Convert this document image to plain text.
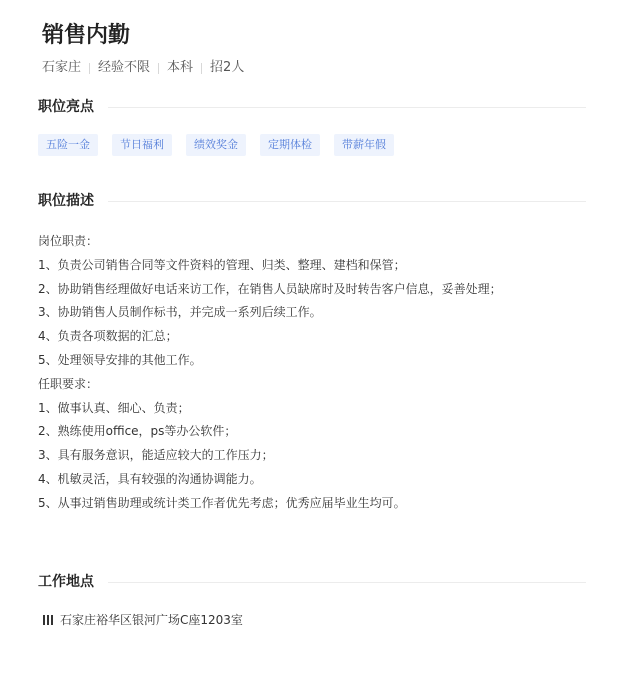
销售内勤
石家庄 经验不限 本科 招2人
职位亮点
五险一金	节日福利	绩效奖金	定期体检	带薪年假
职位描述
岗位职责：
1、负责公司销售合同等文件资料的管理、归类、整理、建档和保管；
2、协助销售经理做好电话来访工作，在销售人员缺席时及时转告客户信息，妥善处理；
3、协助销售人员制作标书，并完成一系列后续工作。
4、负责各项数据的汇总；
5、处理领导安排的其他工作。
任职要求：
1、做事认真、细心、负责；
2、熟练使用office，ps等办公软件；
3、具有服务意识，能适应较大的工作压力；
4、机敏灵活，具有较强的沟通协调能力。
5、从事过销售助理或统计类工作者优先考虑；优秀应届毕业生均可。
工作地点
石家庄裕华区银河广场C座1203室
